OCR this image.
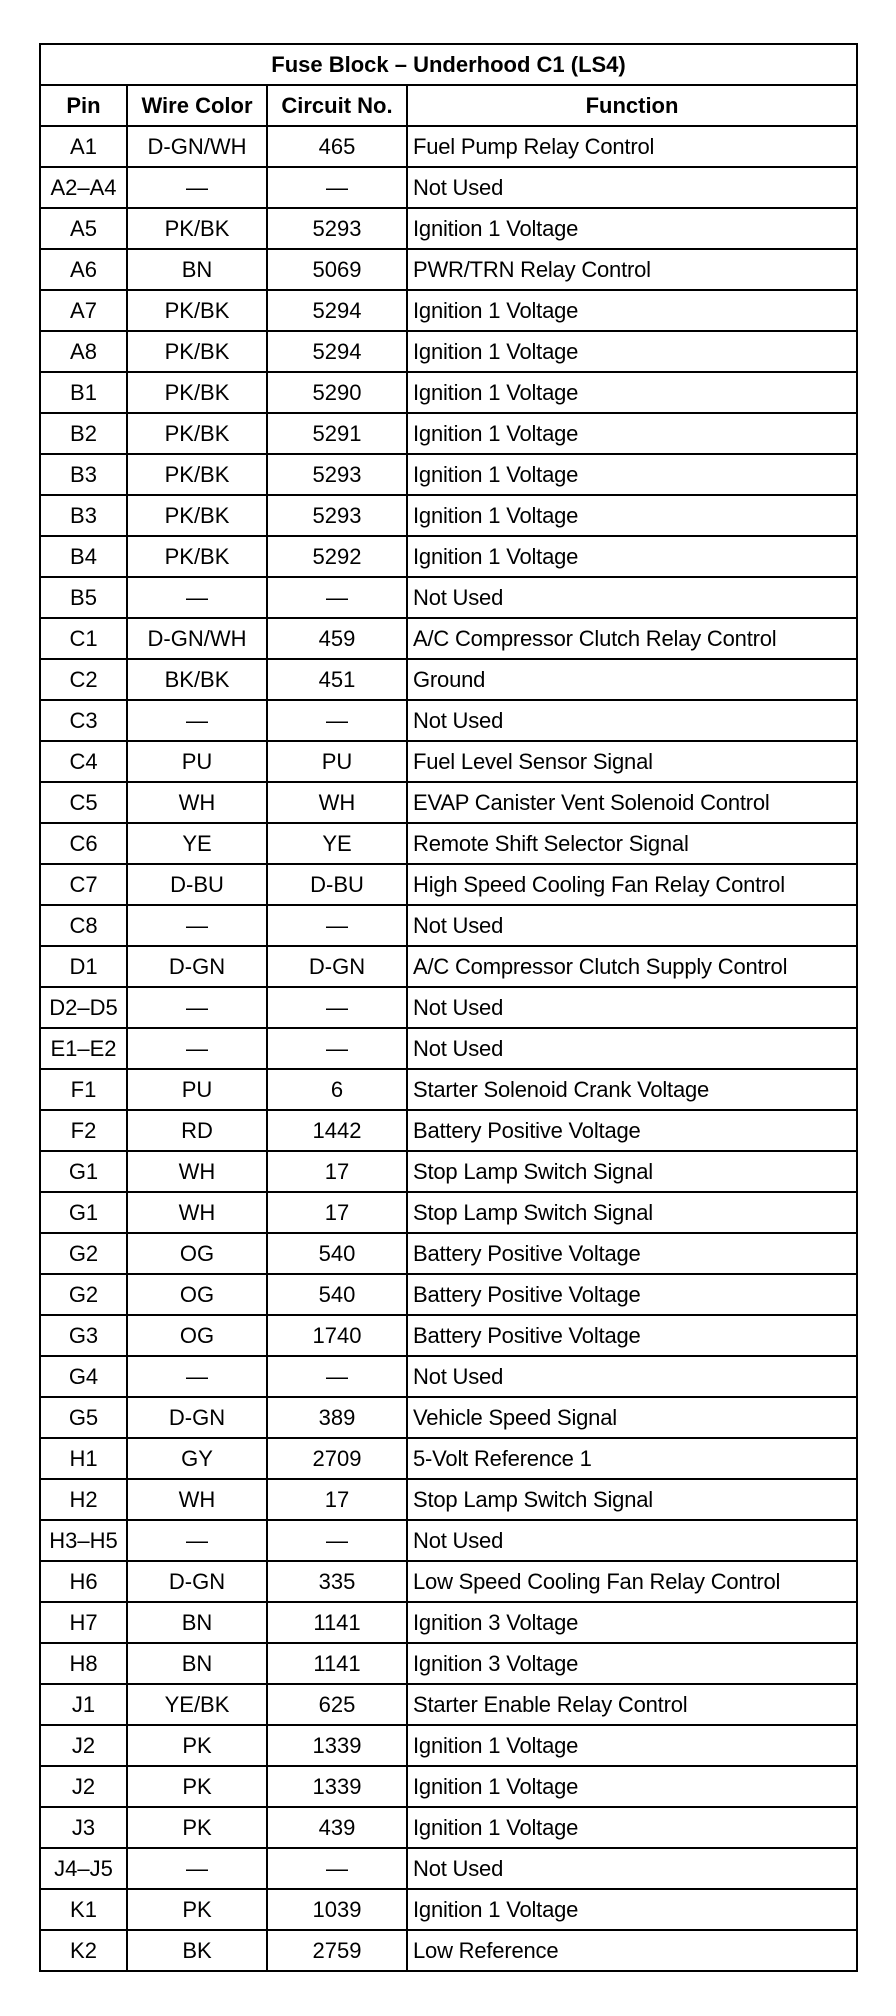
Fuse Block – Underhood C1 (LS4)			
Pin	Wire Color	Circuit No.	Function
A1	D-GN/WH	465	Fuel Pump Relay Control
A2–A4	—	—	Not Used
A5	PK/BK	5293	Ignition 1 Voltage
A6	BN	5069	PWR/TRN Relay Control
A7	PK/BK	5294	Ignition 1 Voltage
A8	PK/BK	5294	Ignition 1 Voltage
B1	PK/BK	5290	Ignition 1 Voltage
B2	PK/BK	5291	Ignition 1 Voltage
B3	PK/BK	5293	Ignition 1 Voltage
B3	PK/BK	5293	Ignition 1 Voltage
B4	PK/BK	5292	Ignition 1 Voltage
B5	—	—	Not Used
C1	D-GN/WH	459	A/C Compressor Clutch Relay Control
C2	BK/BK	451	Ground
C3	—	—	Not Used
C4	PU	PU	Fuel Level Sensor Signal
C5	WH	WH	EVAP Canister Vent Solenoid Control
C6	YE	YE	Remote Shift Selector Signal
C7	D-BU	D-BU	High Speed Cooling Fan Relay Control
C8	—	—	Not Used
D1	D-GN	D-GN	A/C Compressor Clutch Supply Control
D2–D5	—	—	Not Used
E1–E2	—	—	Not Used
F1	PU	6	Starter Solenoid Crank Voltage
F2	RD	1442	Battery Positive Voltage
G1	WH	17	Stop Lamp Switch Signal
G1	WH	17	Stop Lamp Switch Signal
G2	OG	540	Battery Positive Voltage
G2	OG	540	Battery Positive Voltage
G3	OG	1740	Battery Positive Voltage
G4	—	—	Not Used
G5	D-GN	389	Vehicle Speed Signal
H1	GY	2709	5-Volt Reference 1
H2	WH	17	Stop Lamp Switch Signal
H3–H5	—	—	Not Used
H6	D-GN	335	Low Speed Cooling Fan Relay Control
H7	BN	1141	Ignition 3 Voltage
H8	BN	1141	Ignition 3 Voltage
J1	YE/BK	625	Starter Enable Relay Control
J2	PK	1339	Ignition 1 Voltage
J2	PK	1339	Ignition 1 Voltage
J3	PK	439	Ignition 1 Voltage
J4–J5	—	—	Not Used
K1	PK	1039	Ignition 1 Voltage
K2	BK	2759	Low Reference
